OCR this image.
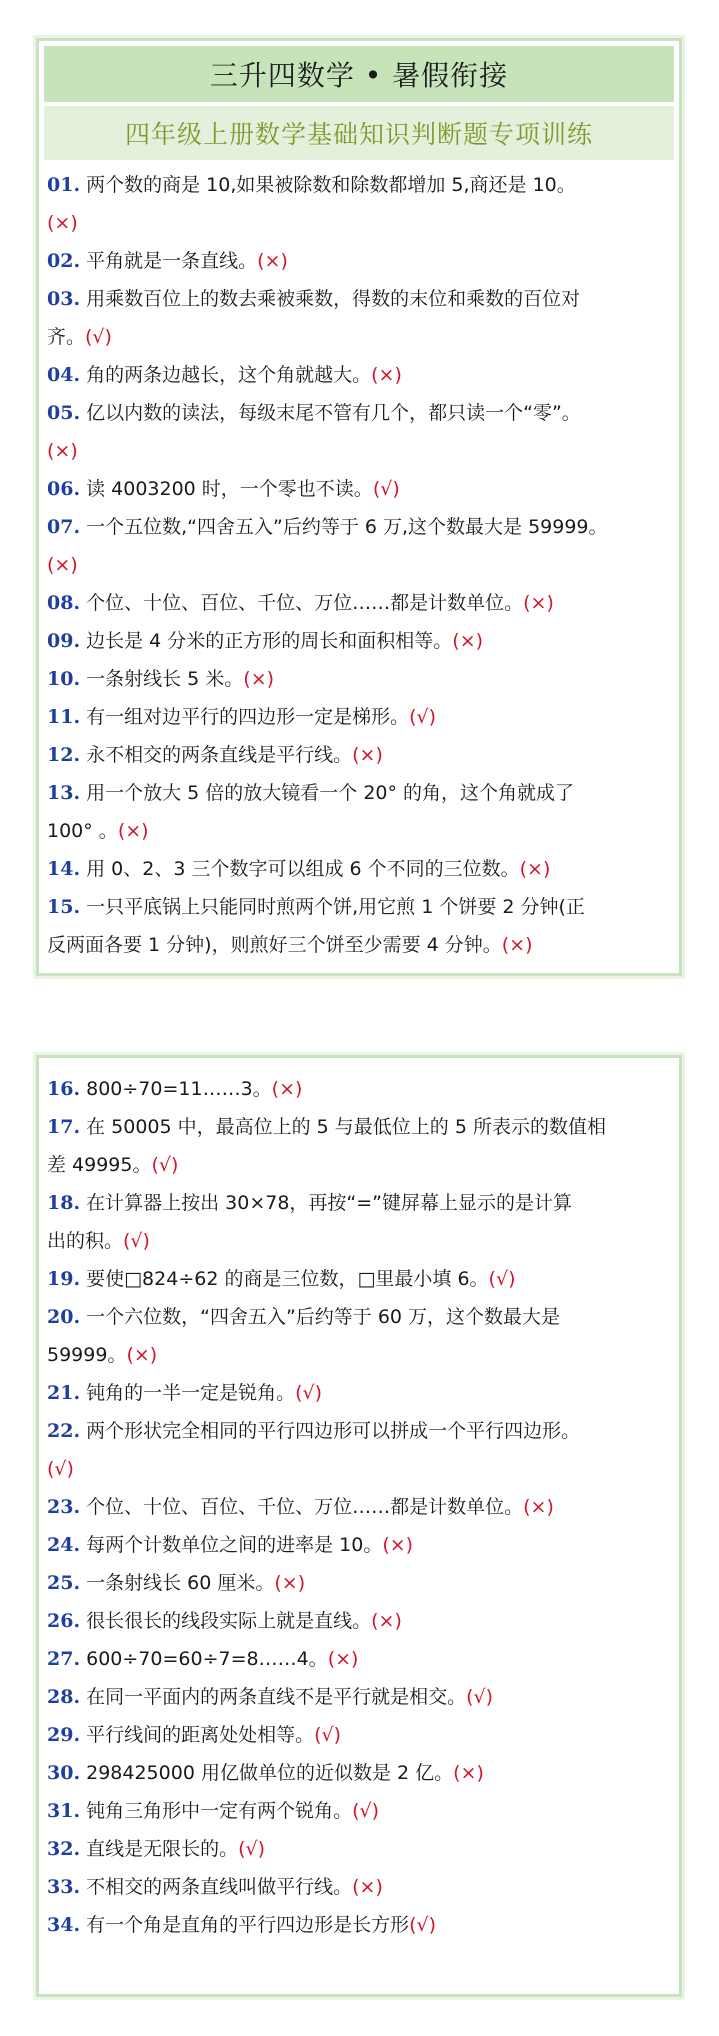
三升四数学 • 暑假衔接
四年级上册数学基础知识判断题专项训练
01. 两个数的商是 10,如果被除数和除数都增加 5,商还是 10。
(×)
02. 平角就是一条直线。(×)
03. 用乘数百位上的数去乘被乘数，得数的末位和乘数的百位对
齐。(√)
04. 角的两条边越长，这个角就越大。(×)
05. 亿以内数的读法，每级末尾不管有几个，都只读一个“零”。
(×)
06. 读 4003200 时，一个零也不读。(√)
07. 一个五位数,“四舍五入”后约等于 6 万,这个数最大是 59999。
(×)
08. 个位、十位、百位、千位、万位……都是计数单位。(×)
09. 边长是 4 分米的正方形的周长和面积相等。(×)
10. 一条射线长 5 米。(×)
11. 有一组对边平行的四边形一定是梯形。(√)
12. 永不相交的两条直线是平行线。(×)
13. 用一个放大 5 倍的放大镜看一个 20° 的角，这个角就成了
100° 。(×)
14. 用 0、2、3 三个数字可以组成 6 个不同的三位数。(×)
15. 一只平底锅上只能同时煎两个饼,用它煎 1 个饼要 2 分钟(正
反两面各要 1 分钟)，则煎好三个饼至少需要 4 分钟。(×)
16. 800÷70=11……3。(×)
17. 在 50005 中，最高位上的 5 与最低位上的 5 所表示的数值相
差 49995。(√)
18. 在计算器上按出 30×78，再按“=”键屏幕上显示的是计算
出的积。(√)
19. 要使□824÷62 的商是三位数，□里最小填 6。(√)
20. 一个六位数，“四舍五入”后约等于 60 万，这个数最大是
59999。(×)
21. 钝角的一半一定是锐角。(√)
22. 两个形状完全相同的平行四边形可以拼成一个平行四边形。
(√)
23. 个位、十位、百位、千位、万位……都是计数单位。(×)
24. 每两个计数单位之间的进率是 10。(×)
25. 一条射线长 60 厘米。(×)
26. 很长很长的线段实际上就是直线。(×)
27. 600÷70=60÷7=8……4。(×)
28. 在同一平面内的两条直线不是平行就是相交。(√)
29. 平行线间的距离处处相等。(√)
30. 298425000 用亿做单位的近似数是 2 亿。(×)
31. 钝角三角形中一定有两个锐角。(√)
32. 直线是无限长的。(√)
33. 不相交的两条直线叫做平行线。(×)
34. 有一个角是直角的平行四边形是长方形(√)
